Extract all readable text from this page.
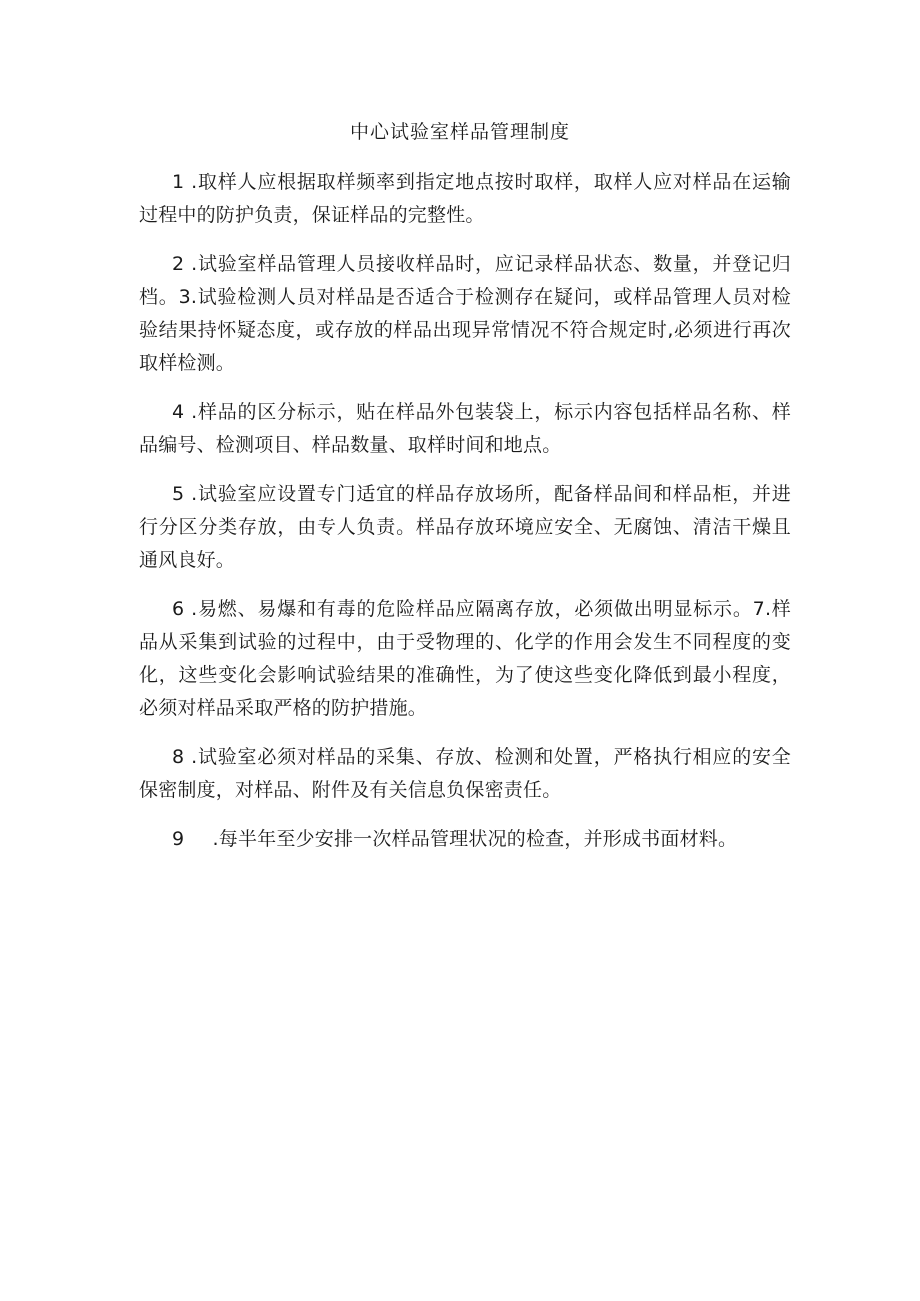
中心试验室样品管理制度

1 .取样人应根据取样频率到指定地点按时取样，取样人应对样品在运输过程中的防护负责，保证样品的完整性。

2 .试验室样品管理人员接收样品时，应记录样品状态、数量，并登记归档。3.试验检测人员对样品是否适合于检测存在疑问，或样品管理人员对检验结果持怀疑态度，或存放的样品出现异常情况不符合规定时,必须进行再次取样检测。

4 .样品的区分标示，贴在样品外包装袋上，标示内容包括样品名称、样品编号、检测项目、样品数量、取样时间和地点。

5 .试验室应设置专门适宜的样品存放场所，配备样品间和样品柜，并进行分区分类存放，由专人负责。样品存放环境应安全、无腐蚀、清洁干燥且通风良好。

6 .易燃、易爆和有毒的危险样品应隔离存放，必须做出明显标示。7.样品从采集到试验的过程中，由于受物理的、化学的作用会发生不同程度的变化，这些变化会影响试验结果的准确性，为了使这些变化降低到最小程度，必须对样品采取严格的防护措施。

8 .试验室必须对样品的采集、存放、检测和处置，严格执行相应的安全保密制度，对样品、附件及有关信息负保密责任。

9 .每半年至少安排一次样品管理状况的检查，并形成书面材料。
